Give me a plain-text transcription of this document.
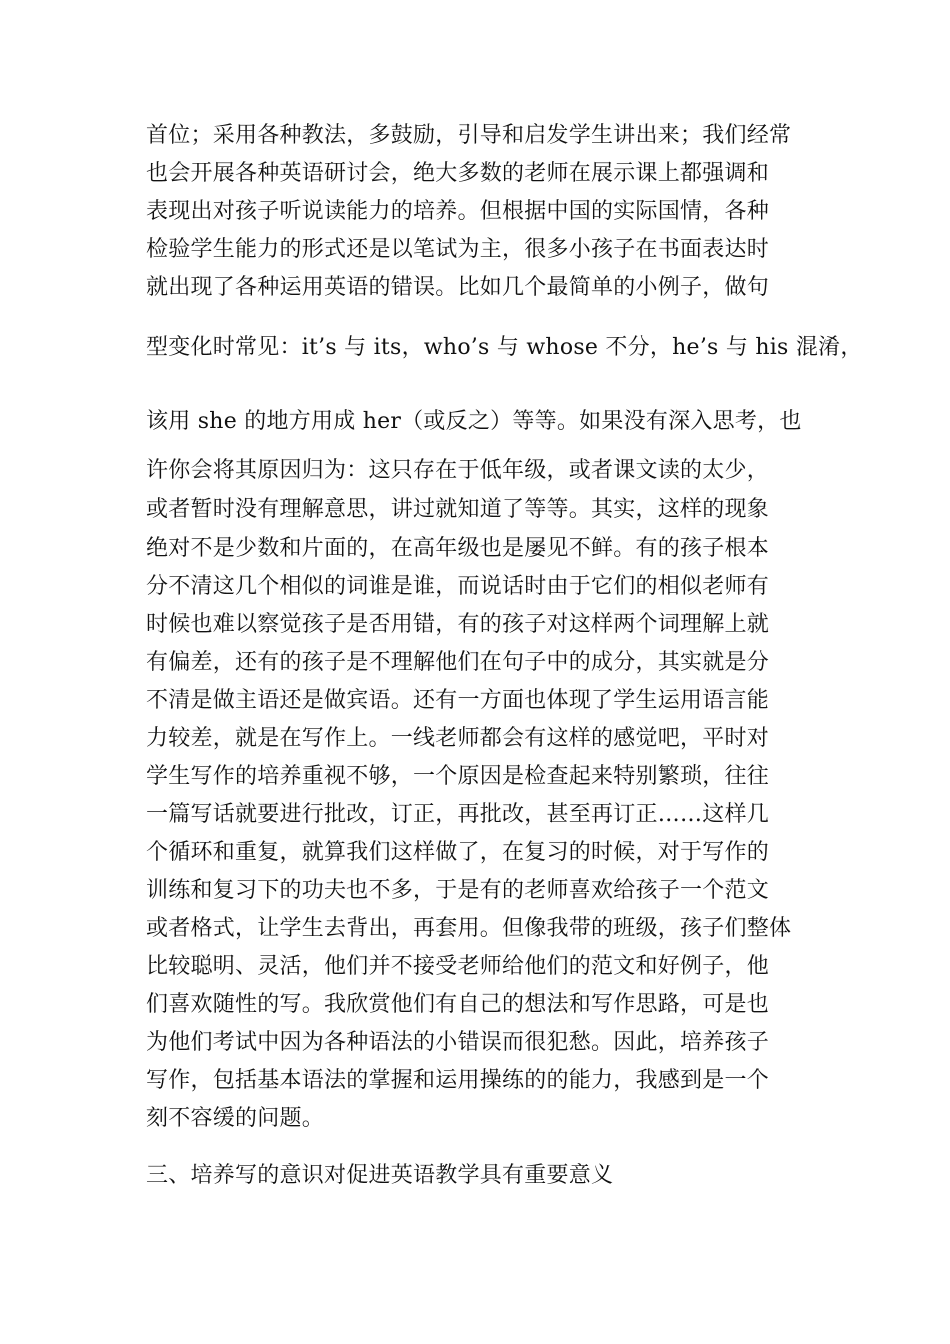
首位；采用各种教法，多鼓励，引导和启发学生讲出来；我们经常
也会开展各种英语研讨会，绝大多数的老师在展示课上都强调和
表现出对孩子听说读能力的培养。但根据中国的实际国情，各种
检验学生能力的形式还是以笔试为主，很多小孩子在书面表达时
就出现了各种运用英语的错误。比如几个最简单的小例子，做句
型变化时常见：it’s 与 its，who’s 与 whose 不分，he’s 与 his 混淆，
该用 she 的地方用成 her（或反之）等等。如果没有深入思考，也
许你会将其原因归为：这只存在于低年级，或者课文读的太少，
或者暂时没有理解意思，讲过就知道了等等。其实，这样的现象
绝对不是少数和片面的，在高年级也是屡见不鲜。有的孩子根本
分不清这几个相似的词谁是谁，而说话时由于它们的相似老师有
时候也难以察觉孩子是否用错，有的孩子对这样两个词理解上就
有偏差，还有的孩子是不理解他们在句子中的成分，其实就是分
不清是做主语还是做宾语。还有一方面也体现了学生运用语言能
力较差，就是在写作上。一线老师都会有这样的感觉吧，平时对
学生写作的培养重视不够，一个原因是检查起来特别繁琐，往往
一篇写话就要进行批改，订正，再批改，甚至再订正……这样几
个循环和重复，就算我们这样做了，在复习的时候，对于写作的
训练和复习下的功夫也不多，于是有的老师喜欢给孩子一个范文
或者格式，让学生去背出，再套用。但像我带的班级，孩子们整体
比较聪明、灵活，他们并不接受老师给他们的范文和好例子，他
们喜欢随性的写。我欣赏他们有自己的想法和写作思路，可是也
为他们考试中因为各种语法的小错误而很犯愁。因此，培养孩子
写作，包括基本语法的掌握和运用操练的的能力，我感到是一个
刻不容缓的问题。
三、培养写的意识对促进英语教学具有重要意义
